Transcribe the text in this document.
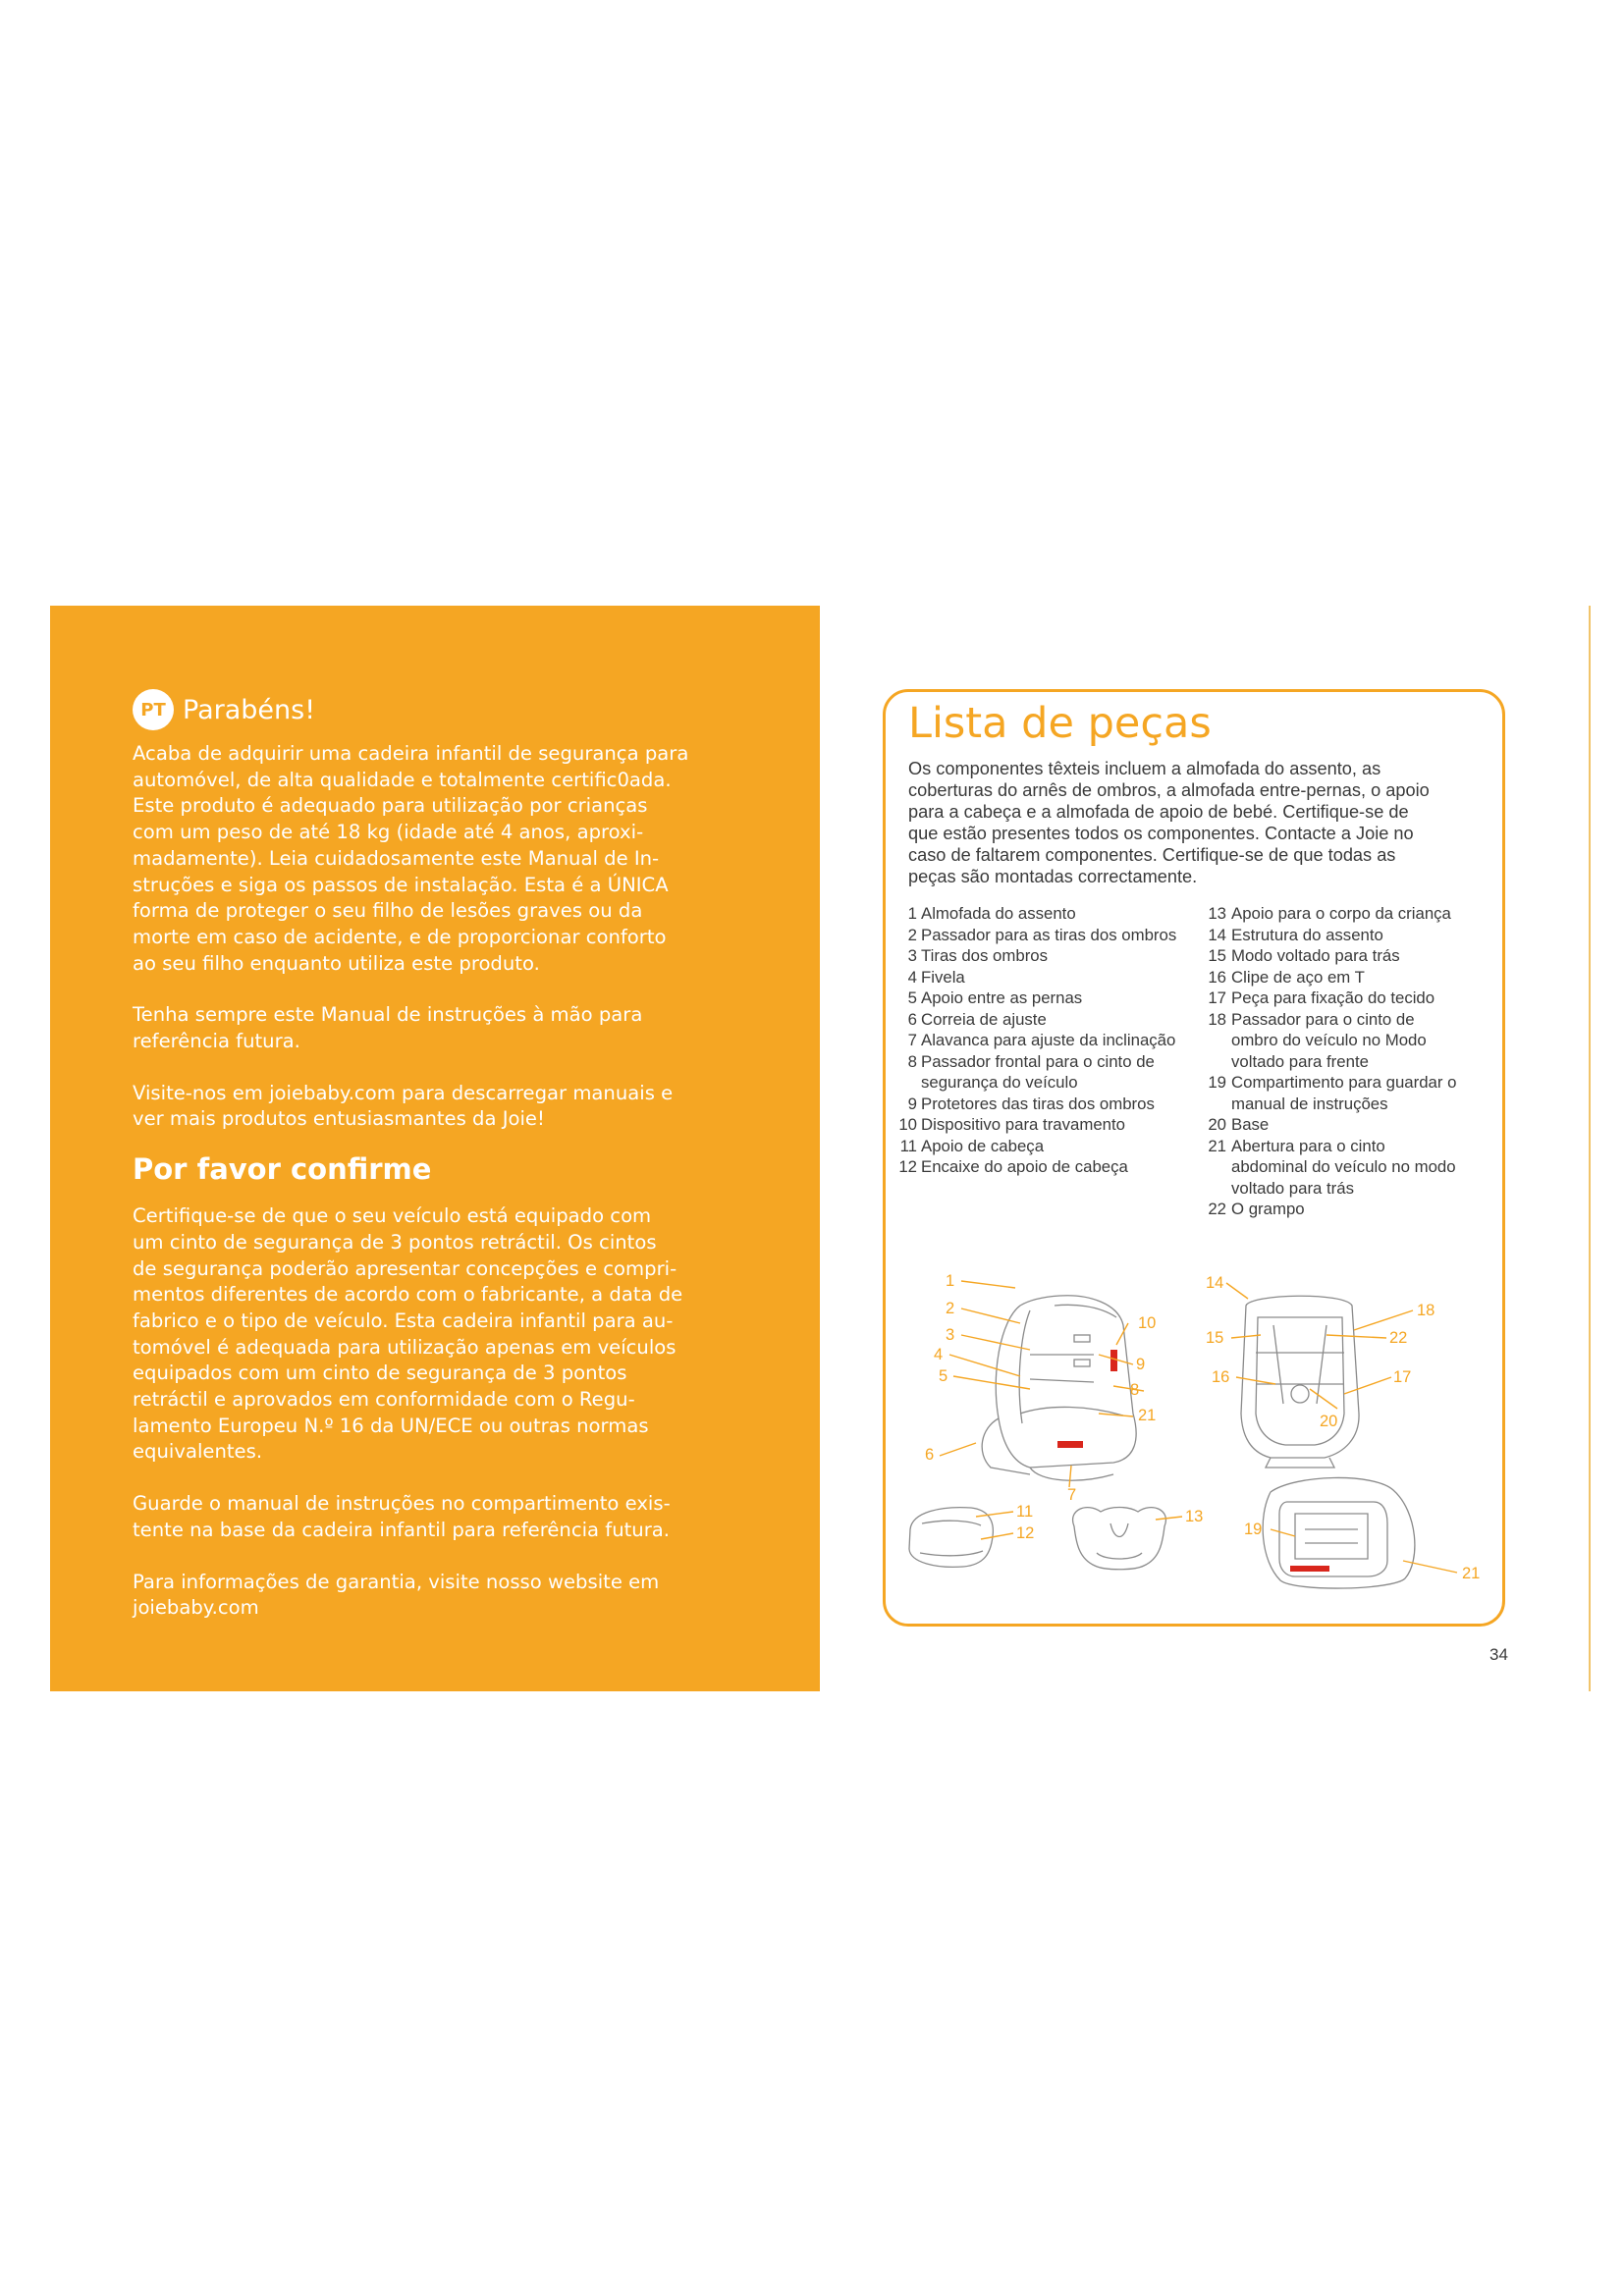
PT Parabéns!

Acaba de adquirir uma cadeira infantil de segurança para
automóvel, de alta qualidade e totalmente certific0ada.
Este produto é adequado para utilização por crianças
com um peso de até 18 kg (idade até 4 anos, aproxi-
madamente). Leia cuidadosamente este Manual de In-
struções e siga os passos de instalação. Esta é a ÚNICA
forma de proteger o seu filho de lesões graves ou da
morte em caso de acidente, e de proporcionar conforto
ao seu filho enquanto utiliza este produto.

Tenha sempre este Manual de instruções à mão para
referência futura.

Visite-nos em joiebaby.com para descarregar manuais e
ver mais produtos entusiasmantes da Joie!

Por favor confirme

Certifique-se de que o seu veículo está equipado com
um cinto de segurança de 3 pontos retráctil. Os cintos
de segurança poderão apresentar concepções e compri-
mentos diferentes de acordo com o fabricante, a data de
fabrico e o tipo de veículo. Esta cadeira infantil para au-
tomóvel é adequada para utilização apenas em veículos
equipados com um cinto de segurança de 3 pontos
retráctil e aprovados em conformidade com o Regu-
lamento Europeu N.º 16 da UN/ECE ou outras normas
equivalentes.

Guarde o manual de instruções no compartimento exis-
tente na base da cadeira infantil para referência futura.

Para informações de garantia, visite nosso website em
joiebaby.com

Lista de peças

Os componentes têxteis incluem a almofada do assento, as
coberturas do arnês de ombros, a almofada entre-pernas, o apoio
para a cabeça e a almofada de apoio de bebé. Certifique-se de
que estão presentes todos os componentes. Contacte a Joie no
caso de faltarem componentes. Certifique-se de que todas as
peças são montadas correctamente.

1 Almofada do assento
2 Passador para as tiras dos ombros
3 Tiras dos ombros
4 Fivela
5 Apoio entre as pernas
6 Correia de ajuste
7 Alavanca para ajuste da inclinação
8 Passador frontal para o cinto de
segurança do veículo
9 Protetores das tiras dos ombros
10 Dispositivo para travamento
11 Apoio de cabeça
12 Encaixe do apoio de cabeça
13 Apoio para o corpo da criança
14 Estrutura do assento
15 Modo voltado para trás
16 Clipe de aço em T
17 Peça para fixação do tecido
18 Passador para o cinto de
ombro do veículo no Modo
voltado para frente
19 Compartimento para guardar o
manual de instruções
20 Base
21 Abertura para o cinto
abdominal do veículo no modo
voltado para trás
22 O grampo
1
2
3
4
5
6
7
8
9
10
21
11
12
13
14
18
15	22
16	17
20
19
21
34
